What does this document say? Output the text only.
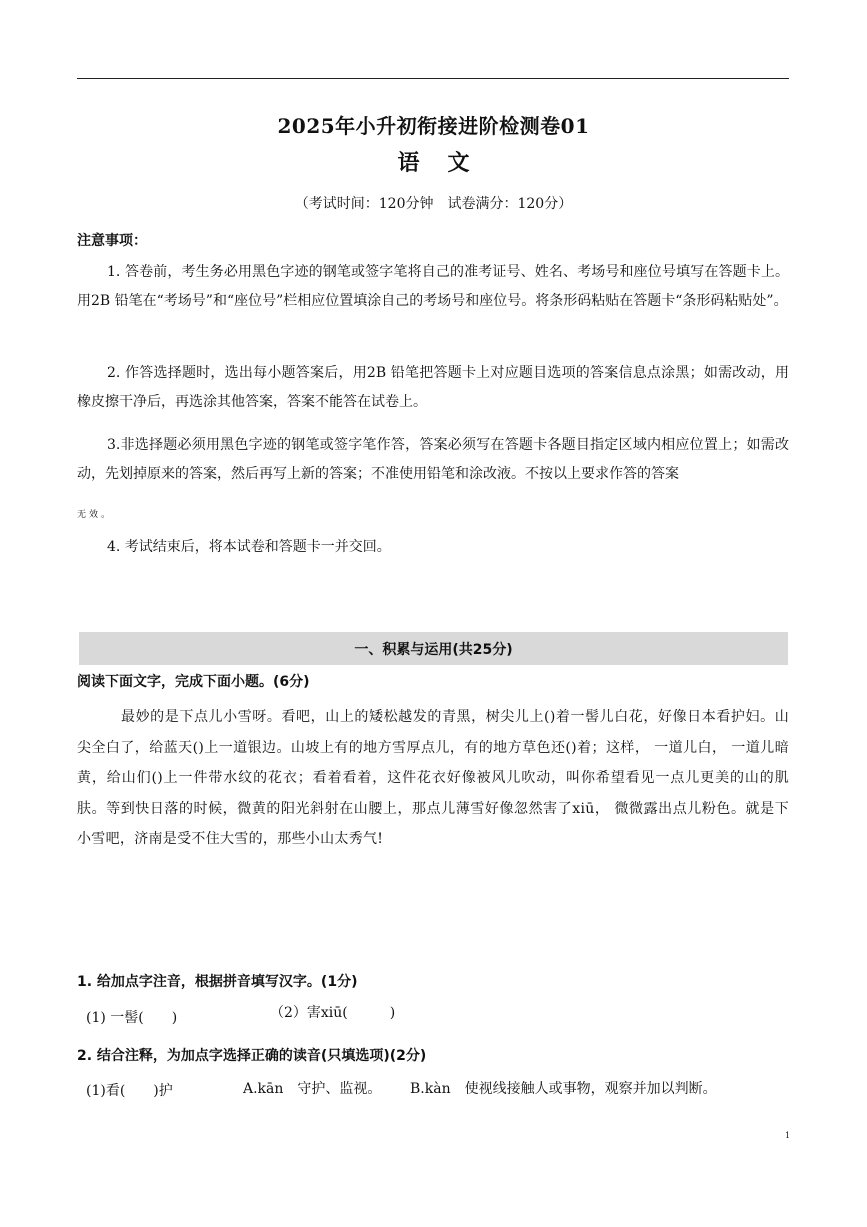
2025年小升初衔接进阶检测卷01
语 文
（考试时间：120分钟　试卷满分：120分）
注意事项：
1. 答卷前，考生务必用黑色字迹的钢笔或签字笔将自己的准考证号、姓名、考场号和座位号填写在答题卡上。用2B 铅笔在“考场号”和“座位号”栏相应位置填涂自己的考场号和座位号。将条形码粘贴在答题卡“条形码粘贴处”。
2. 作答选择题时，选出每小题答案后，用2B 铅笔把答题卡上对应题目选项的答案信息点涂黑；如需改动，用橡皮擦干净后，再选涂其他答案，答案不能答在试卷上。
3.非选择题必须用黑色字迹的钢笔或签字笔作答，答案必须写在答题卡各题目指定区域内相应位置上；如需改动，先划掉原来的答案，然后再写上新的答案；不准使用铅笔和涂改液。不按以上要求作答的答案
无效。
4. 考试结束后，将本试卷和答题卡一并交回。
一、积累与运用(共25分)
阅读下面文字，完成下面小题。(6分)
最妙的是下点儿小雪呀。看吧，山上的矮松越发的青黑，树尖儿上()着一髻儿白花，好像日本看护妇。山尖全白了，给蓝天()上一道银边。山坡上有的地方雪厚点儿，有的地方草色还()着；这样， 一道儿白， 一道儿暗黄，给山们()上一件带水纹的花衣；看着看着，这件花衣好像被风儿吹动，叫你希望看见一点儿更美的山的肌肤。等到快日落的时候，微黄的阳光斜射在山腰上，那点儿薄雪好像忽然害了xiū， 微微露出点儿粉色。就是下小雪吧，济南是受不住大雪的，那些小山太秀气!
1. 给加点字注音，根据拼音填写汉字。(1分)
(1) 一髻(　　)	（2）害xiū(　　　)
2. 结合注释，为加点字选择正确的读音(只填选项)(2分)
(1)看(　　)护	A.kān　守护、监视。 B.kàn　使视线接触人或事物，观察并加以判断。
1
